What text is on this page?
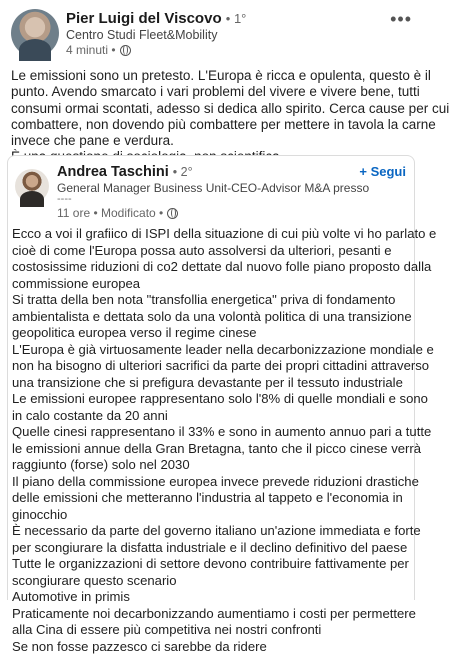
Pier Luigi del Viscovo • 1°
Centro Studi Fleet&Mobility
4 minuti •
•••

Le emissioni sono un pretesto. L'Europa è ricca e opulenta, questo è il

punto. Avendo smarcato i vari problemi del vivere e vivere bene, tutti

consumi ormai scontati, adesso si dedica allo spirito. Cerca cause per cui

combattere, non dovendo più combattere per mettere in tavola la carne

invece che pane e verdura.

Andrea Taschini • 2°	+ Segui
General Manager Business Unit-CEO-Advisor M&A presso
----
11 ore • Modificato •

Ecco a voi il grafiico di ISPI della situazione di cui più volte vi ho parlato e

cioè di come l'Europa possa auto assolversi da ulteriori, pesanti e

costosissime riduzioni di co2 dettate dal nuovo folle piano proposto dalla

commissione europea

Si tratta della ben nota "transfollia energetica" priva di fondamento

ambientalista e dettata solo da una volontà politica di una transizione

geopolitica europea verso il regime cinese

L'Europa è già virtuosamente leader nella decarbonizzazione mondiale e

non ha bisogno di ulteriori sacrifici da parte dei propri cittadini attraverso

una transizione che si prefigura devastante per il tessuto industriale

Le emissioni europee rappresentano solo l'8% di quelle mondiali e sono

in calo costante da 20 anni

Quelle cinesi rappresentano il 33% e sono in aumento annuo pari a tutte

le emissioni annue della Gran Bretagna, tanto che il picco cinese verrà

raggiunto (forse) solo nel 2030

Il piano della commissione europea invece prevede riduzioni drastiche

delle emissioni che metteranno l'industria al tappeto e l'economia in

ginocchio

È necessario da parte del governo italiano un'azione immediata e forte

per scongiurare la disfatta industriale e il declino definitivo del paese

Tutte le organizzazioni di settore devono contribuire fattivamente per

scongiurare questo scenario

Automotive in primis

Praticamente noi decarbonizzando aumentiamo i costi per permettere

alla Cina di essere più competitiva nei nostri confronti

Se non fosse pazzesco ci sarebbe da ridere
